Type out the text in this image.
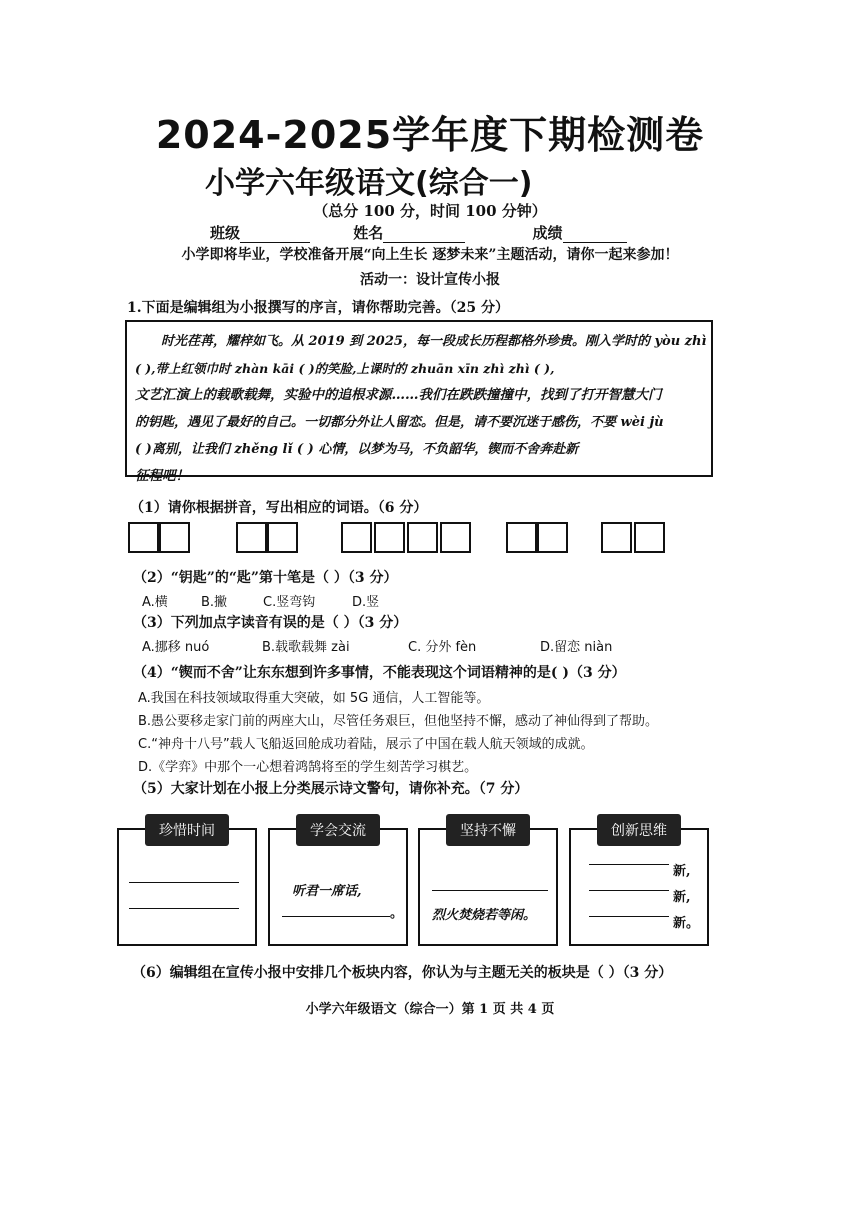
2024-2025学年度下期检测卷
小学六年级语文(综合一)
（总分 100 分，时间 100 分钟）
班级	姓名	成绩
小学即将毕业，学校准备开展“向上生长 逐梦未来”主题活动，请你一起来参加！
活动一：设计宣传小报
1.下面是编辑组为小报撰写的序言，请你帮助完善。（25 分）
时光荏苒，耀梓如飞。从 2019 到 2025，每一段成长历程都格外珍贵。刚入学时的 yòu zhì
( ),带上红领巾时 zhàn kāi ( )的笑脸,上课时的 zhuān xīn zhì zhì ( ),
文艺汇演上的载歌载舞，实验中的追根求源……我们在跌跌撞撞中，找到了打开智慧大门
的钥匙，遇见了最好的自己。一切都分外让人留恋。但是，请不要沉迷于感伤，不要 wèi jù
( )离别，让我们 zhěng lǐ ( ) 心情，以梦为马，不负韶华，锲而不舍奔赴新
征程吧！
（1）请你根据拼音，写出相应的词语。（6 分）
（2）“钥匙”的“匙”第十笔是（ ）（3 分）
A.横	B.撇	C.竖弯钩	D.竖
（3）下列加点字读音有误的是（ ）（3 分）
A.挪移 nuó	B.载歌载舞 zài	C. 分外 fèn	D.留恋 niàn
（4）“锲而不舍”让东东想到许多事情，不能表现这个词语精神的是( )（3 分）
A.我国在科技领域取得重大突破，如 5G 通信，人工智能等。
B.愚公要移走家门前的两座大山，尽管任务艰巨，但他坚持不懈，感动了神仙得到了帮助。
C.“神舟十八号”载人飞船返回舱成功着陆，展示了中国在载人航天领域的成就。
D.《学弈》中那个一心想着鸿鹄将至的学生刻苦学习棋艺。
（5）大家计划在小报上分类展示诗文警句，请你补充。（7 分）
珍惜时间	学会交流
听君一席话,
。
坚持不懈
烈火焚烧若等闲。
创新思维
新,
新,
新。
（6）编辑组在宣传小报中安排几个板块内容，你认为与主题无关的板块是（ ）（3 分）
小学六年级语文（综合一）第 1 页 共 4 页
